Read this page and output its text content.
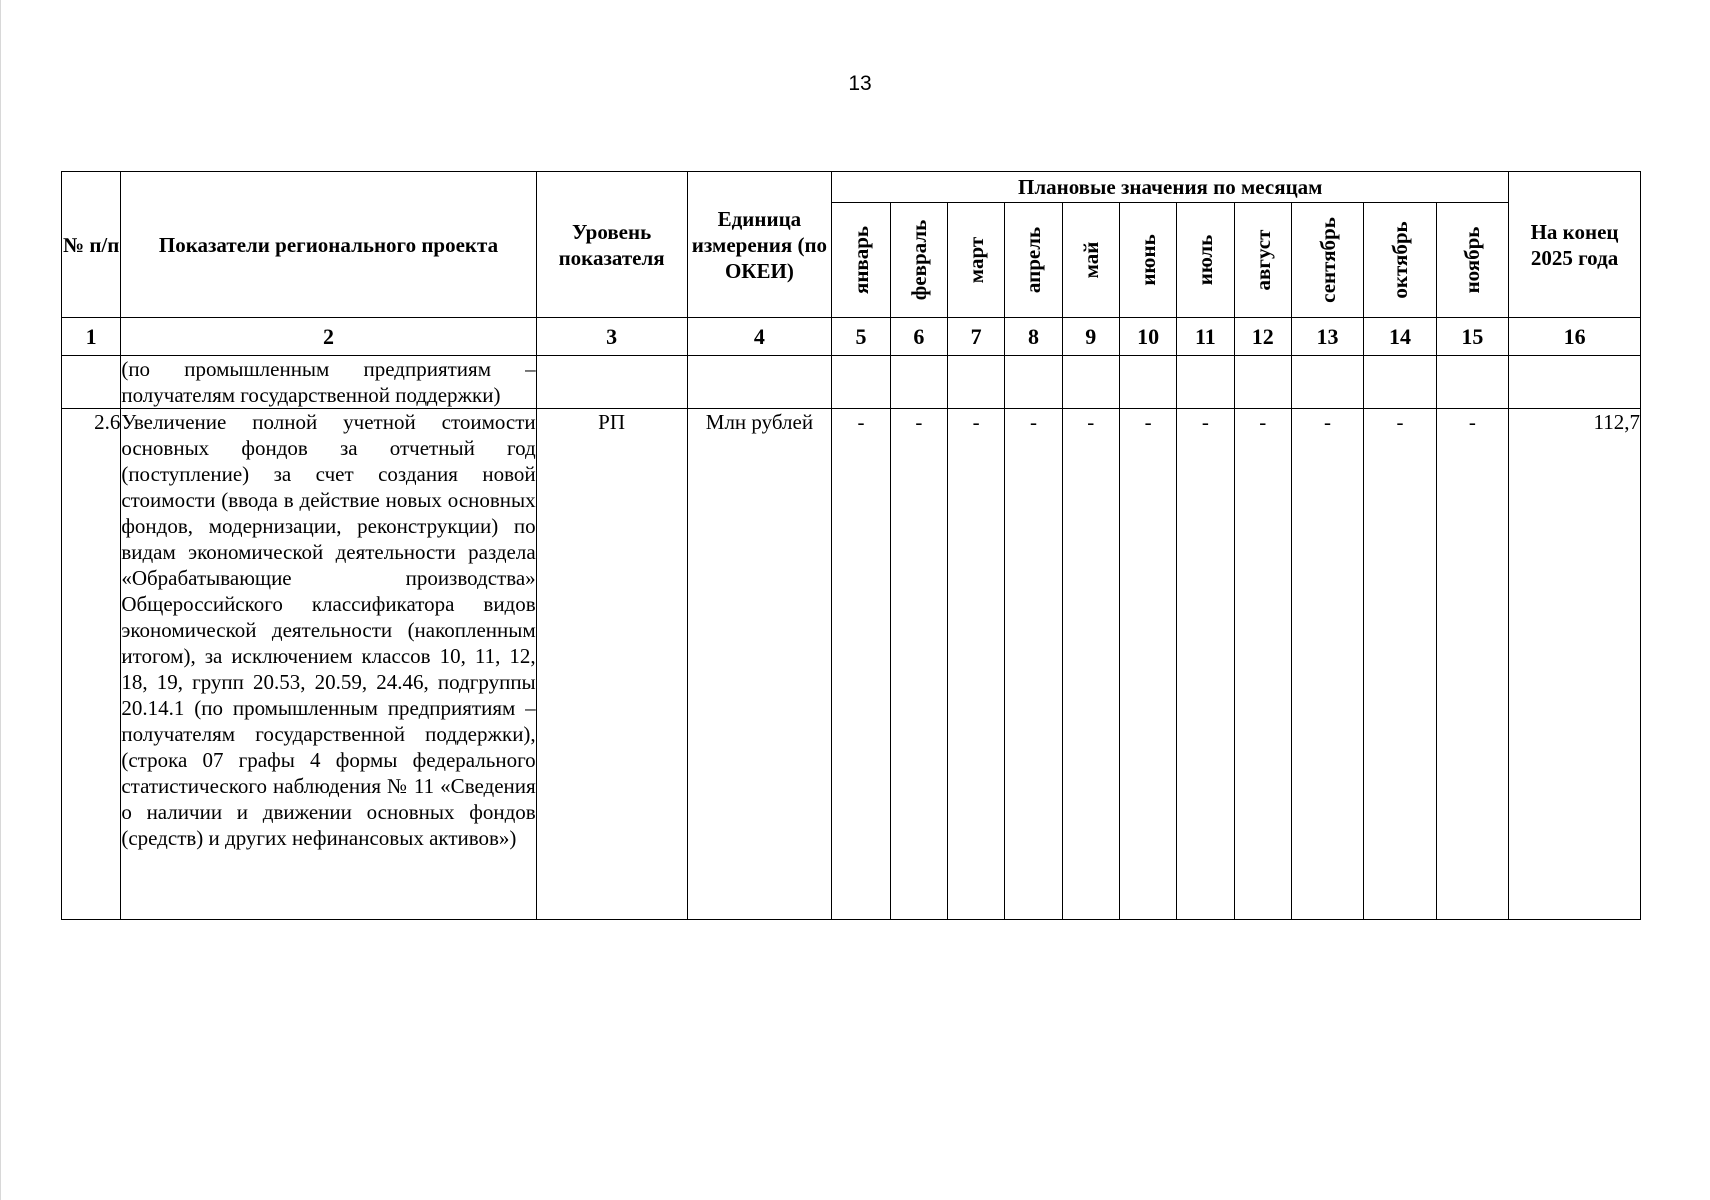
13
№ п/п	Показатели регионального проекта	Уровень показателя	Единица измерения (по ОКЕИ)	Плановые значения по месяцам											На конец 2025 года

				январь	февраль	март	апрель	май	июнь	июль	август	сентябрь	октябрь	ноябрь	

1	2	3	4	5	6	7	8	9	10	11	12	13	14	15	16
	(по промышленным предприятиям – получателям государственной поддержки)														
2.6	Увеличение полной учетной стоимости основных фондов за отчетный год (поступление) за счет создания новой стоимости (ввода в действие новых основных фондов, модернизации, реконструкции) по видам экономической деятельности раздела «Обрабатывающие производства» Общероссийского классификатора видов экономической деятельности (накопленным итогом), за исключением классов 10, 11, 12, 18, 19, групп 20.53, 20.59, 24.46, подгруппы 20.14.1 (по промышленным предприятиям – получателям государственной поддержки), (строка 07 графы 4 формы федерального статистического наблюдения № 11 «Сведения о наличии и движении основных фондов (средств) и других нефинансовых активов»)	РП	Млн рублей	-	-	-	-	-	-	-	-	-	-	-	112,7
